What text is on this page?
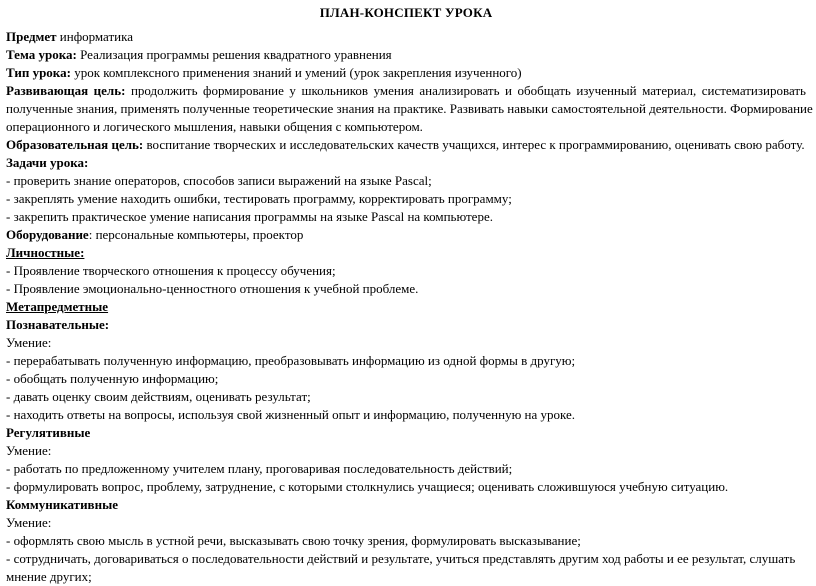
ПЛАН-КОНСПЕКТ УРОКА
Предмет информатика
Тема урока: Реализация программы решения квадратного уравнения
Тип урока: урок комплексного применения знаний и умений (урок закрепления изученного)
Развивающая цель: продолжить формирование у школьников умения анализировать и обобщать изученный материал, систематизировать
полученные знания, применять полученные теоретические знания на практике. Развивать навыки самостоятельной деятельности. Формирование
операционного и логического мышления, навыки общения с компьютером.
Образовательная цель: воспитание творческих и исследовательских качеств учащихся, интерес к программированию, оценивать свою работу.
Задачи урока:
- проверить знание операторов, способов записи выражений на языке Pascal;
- закреплять умение находить ошибки, тестировать программу, корректировать программу;
- закрепить практическое умение написания программы на языке Pascal на компьютере.
Оборудование: персональные компьютеры, проектор
Личностные:
- Проявление творческого отношения к процессу обучения;
- Проявление эмоционально-ценностного отношения к учебной проблеме.
Метапредметные
Познавательные:
Умение:
- перерабатывать полученную информацию, преобразовывать информацию из одной формы в другую;
- обобщать полученную информацию;
- давать оценку своим действиям, оценивать результат;
- находить ответы на вопросы, используя свой жизненный опыт и информацию, полученную на уроке.
Регулятивные
Умение:
- работать по предложенному учителем плану, проговаривая последовательность действий;
- формулировать вопрос, проблему, затруднение, с которыми столкнулись учащиеся; оценивать сложившуюся учебную ситуацию.
Коммуникативные
Умение:
- оформлять свою мысль в устной речи, высказывать свою точку зрения, формулировать высказывание;
- сотрудничать, договариваться о последовательности действий и результате, учиться представлять другим ход работы и ее результат, слушать
мнение других;
